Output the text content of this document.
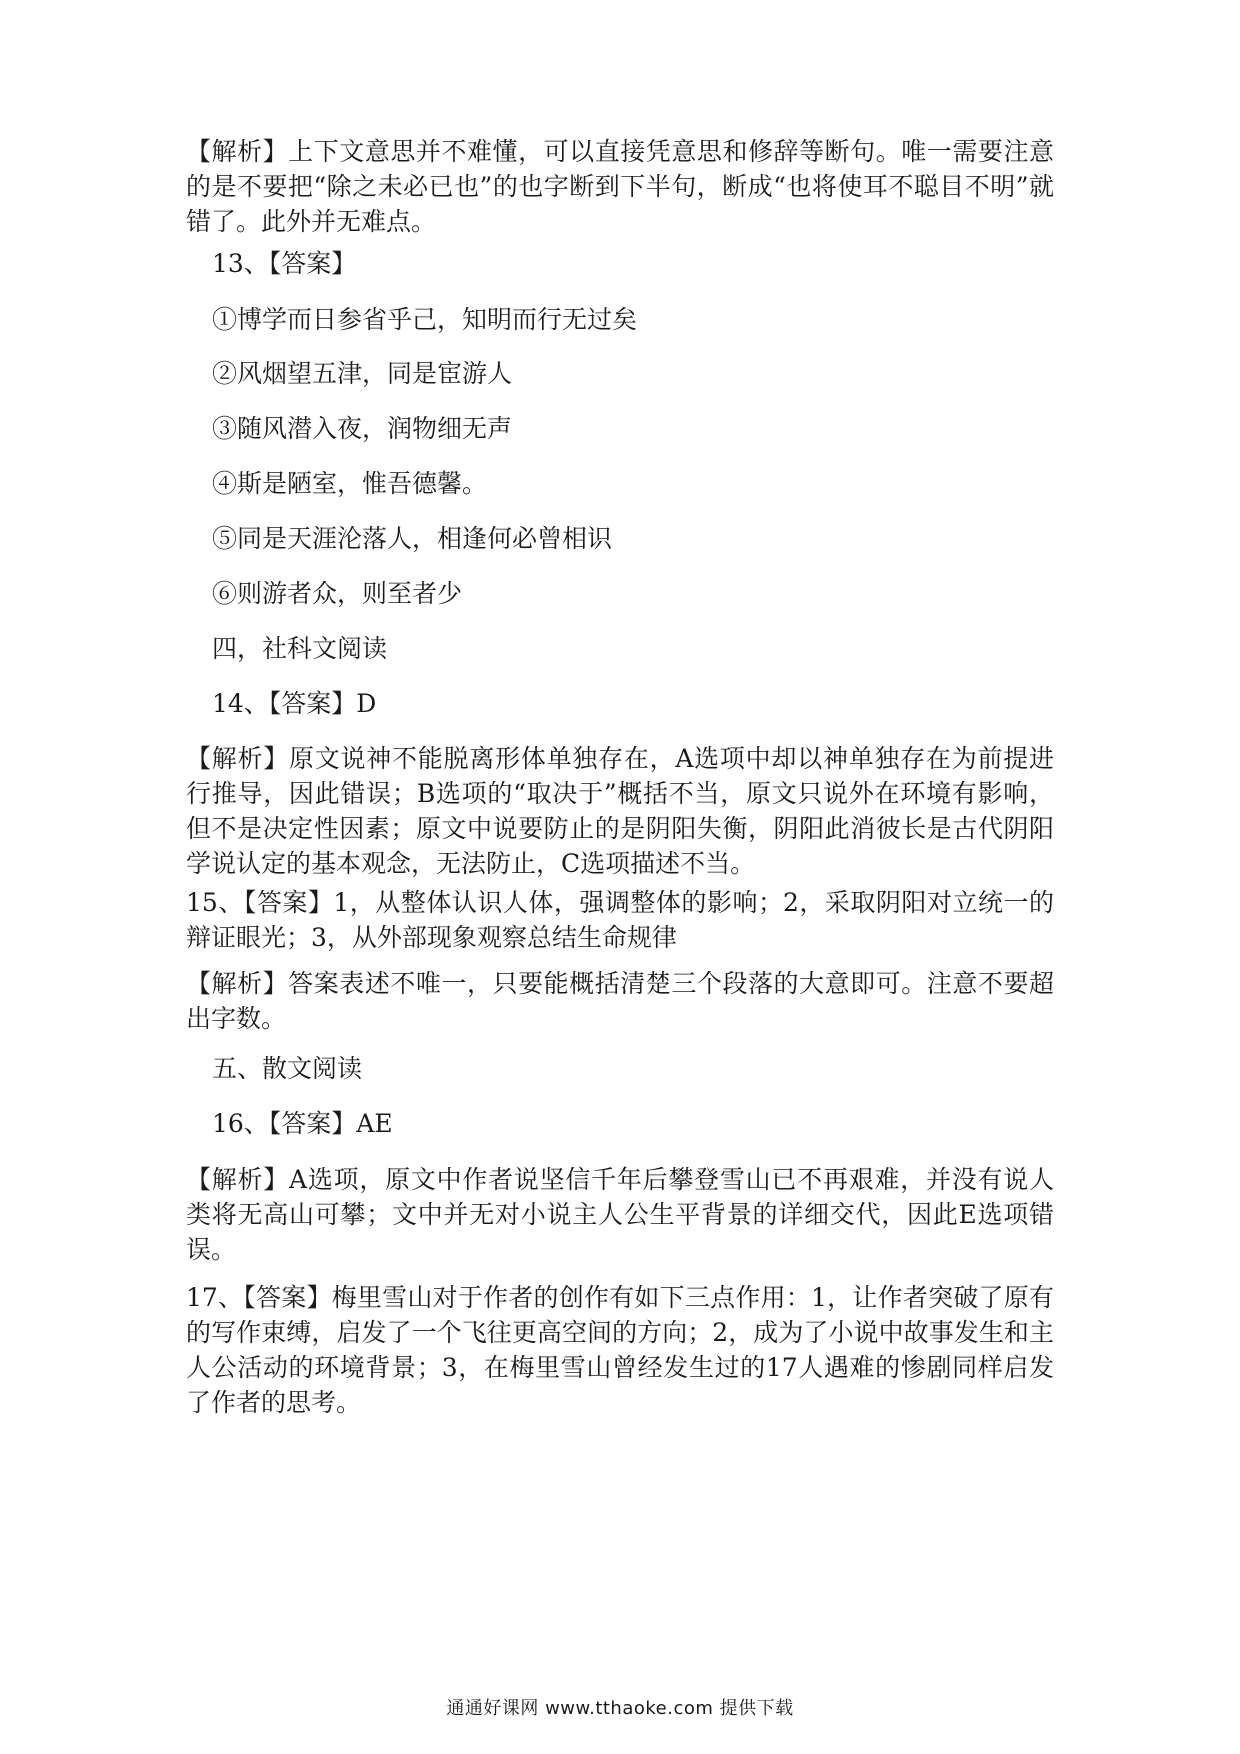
【解析】上下文意思并不难懂，可以直接凭意思和修辞等断句。唯一需要注意的是不要把“除之未必已也”的也字断到下半句，断成“也将使耳不聪目不明”就错了。此外并无难点。

13、【答案】

①博学而日参省乎己，知明而行无过矣

②风烟望五津，同是宦游人

③随风潜入夜，润物细无声

④斯是陋室，惟吾德馨。

⑤同是天涯沦落人，相逢何必曾相识

⑥则游者众，则至者少

四，社科文阅读

14、【答案】D

【解析】原文说神不能脱离形体单独存在，A选项中却以神单独存在为前提进行推导，因此错误；B选项的“取决于”概括不当，原文只说外在环境有影响，但不是决定性因素；原文中说要防止的是阴阳失衡，阴阳此消彼长是古代阴阳学说认定的基本观念，无法防止，C选项描述不当。

15、【答案】1，从整体认识人体，强调整体的影响；2，采取阴阳对立统一的辩证眼光；3，从外部现象观察总结生命规律

【解析】答案表述不唯一，只要能概括清楚三个段落的大意即可。注意不要超出字数。

五、散文阅读

16、【答案】AE

【解析】A选项，原文中作者说坚信千年后攀登雪山已不再艰难，并没有说人类将无高山可攀；文中并无对小说主人公生平背景的详细交代，因此E选项错误。

17、【答案】梅里雪山对于作者的创作有如下三点作用：1，让作者突破了原有的写作束缚，启发了一个飞往更高空间的方向；2，成为了小说中故事发生和主人公活动的环境背景；3，在梅里雪山曾经发生过的17人遇难的惨剧同样启发了作者的思考。

通通好课网 www.tthaoke.com 提供下载
